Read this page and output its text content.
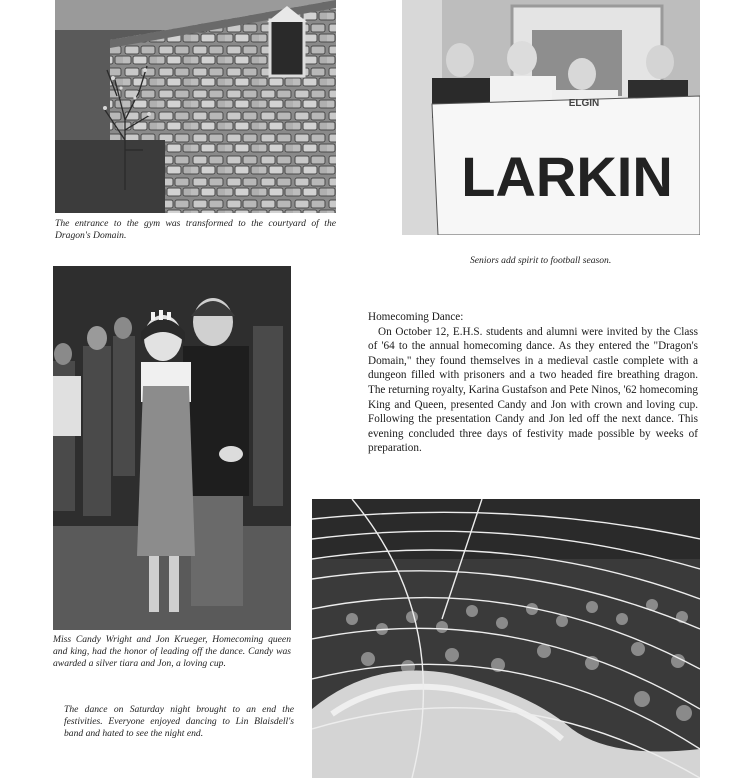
The entrance to the gym was transformed to the courtyard of the Dragon's Domain.
LARKIN
ELGIN
Seniors add spirit to football season.
Miss Candy Wright and Jon Krueger, Homecoming queen and king, had the honor of leading off the dance. Candy was awarded a silver tiara and Jon, a loving cup.
The dance on Saturday night brought to an end the festivities. Everyone enjoyed dancing to Lin Blaisdell's band and hated to see the night end.
Homecoming Dance:
On October 12, E.H.S. students and alumni were invited by the Class of '64 to the annual homecoming dance. As they entered the "Dragon's Domain," they found themselves in a medieval castle complete with a dungeon filled with prisoners and a two headed fire breathing dragon. The returning royalty, Karina Gustafson and Pete Ninos, '62 homecoming King and Queen, presented Candy and Jon with crown and loving cup. Following the presentation Candy and Jon led off the next dance. This evening concluded three days of festivity made possible by weeks of preparation.
